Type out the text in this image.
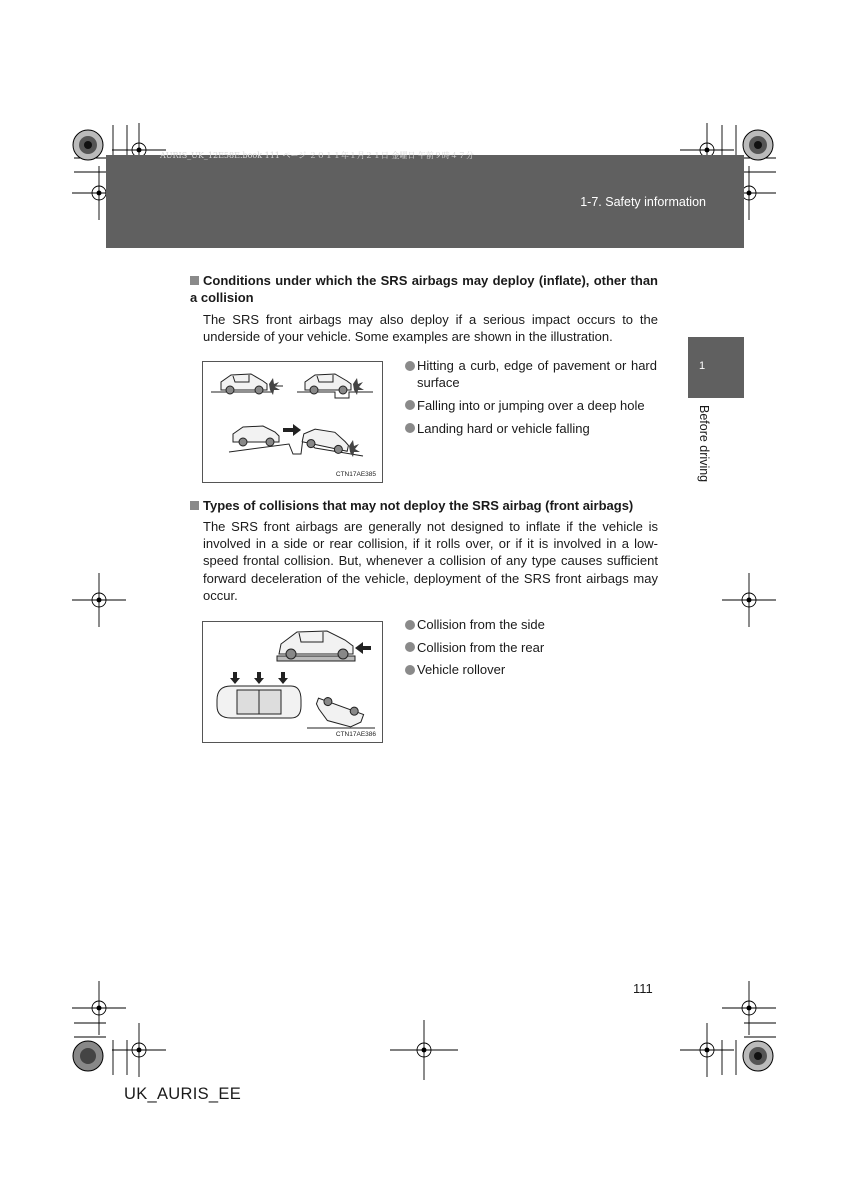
AURIS_UK_12E58E.book 111 ページ ２０１１年１月２１日 金曜日 午前９時４７分
1-7. Safety information
1
Before driving
Conditions under which the SRS airbags may deploy (inflate), other than a collision
The SRS front airbags may also deploy if a serious impact occurs to the underside of your vehicle. Some examples are shown in the illustration.
CTN17AE385
Hitting a curb, edge of pavement or hard surface
Falling into or jumping over a deep hole
Landing hard or vehicle falling
Types of collisions that may not deploy the SRS airbag (front airbags)
The SRS front airbags are generally not designed to inflate if the vehicle is involved in a side or rear collision, if it rolls over, or if it is involved in a low-speed frontal collision. But, whenever a collision of any type causes sufficient forward deceleration of the vehicle, deployment of the SRS front airbags may occur.
CTN17AE386
Collision from the side
Collision from the rear
Vehicle rollover
111
UK_AURIS_EE
